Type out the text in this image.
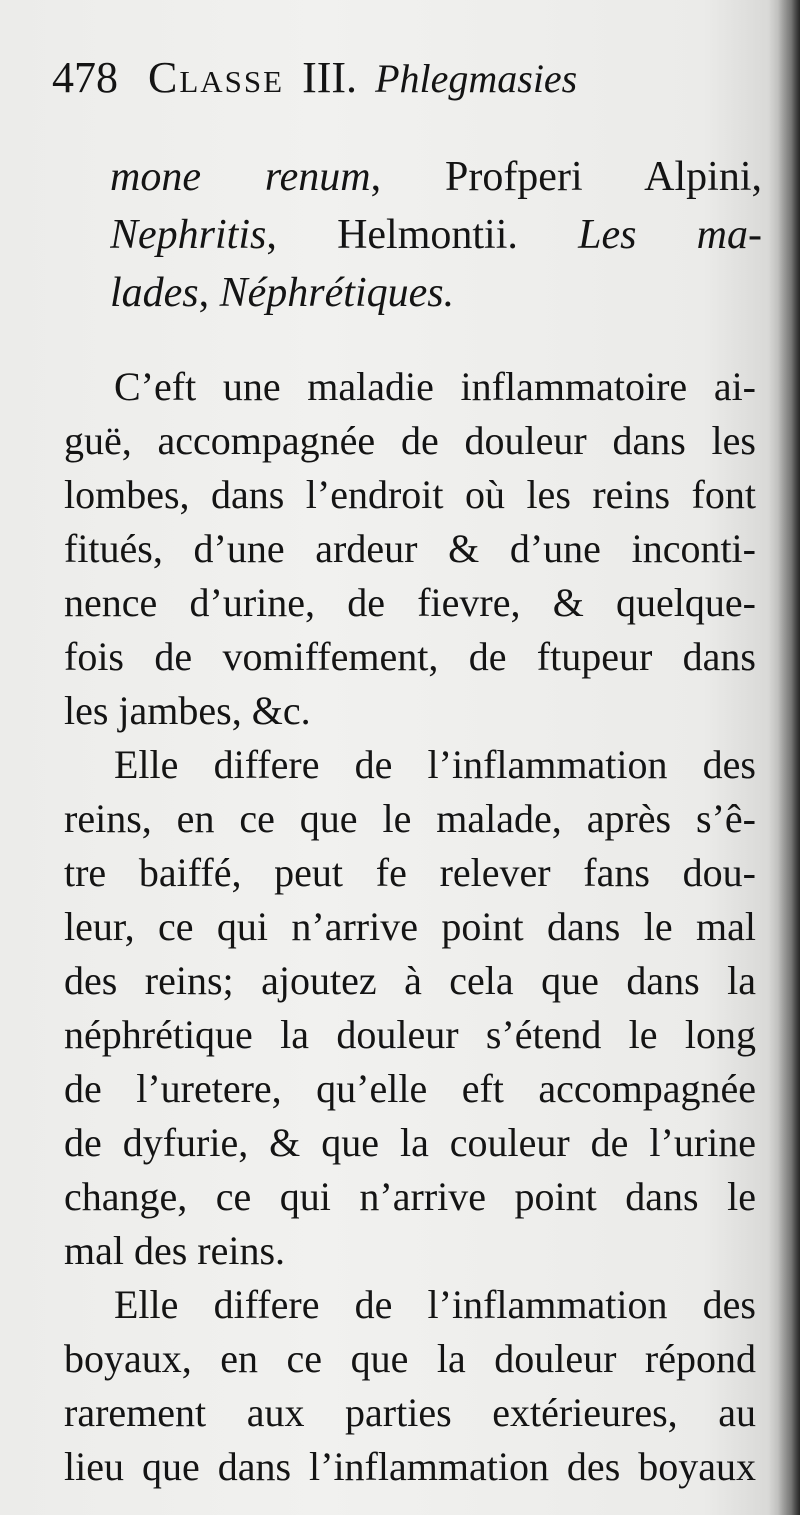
478 Classe III. Phlegmasies
mone renum, Profperi Alpini,
Nephritis, Helmontii. Les ma-
lades, Néphrétiques.
C’eft une maladie inflammatoire ai-
guë, accompagnée de douleur dans les
lombes, dans l’endroit où les reins font
fitués, d’une ardeur & d’une inconti-
nence d’urine, de fievre, & quelque-
fois de vomiffement, de ftupeur dans
les jambes, &c.
Elle differe de l’inflammation des
reins, en ce que le malade, après s’ê-
tre baiffé, peut fe relever fans dou-
leur, ce qui n’arrive point dans le mal
des reins; ajoutez à cela que dans la
néphrétique la douleur s’étend le long
de l’uretere, qu’elle eft accompagnée
de dyfurie, & que la couleur de l’urine
change, ce qui n’arrive point dans le
mal des reins.
Elle differe de l’inflammation des
boyaux, en ce que la douleur répond
rarement aux parties extérieures, au
lieu que dans l’inflammation des boyaux
